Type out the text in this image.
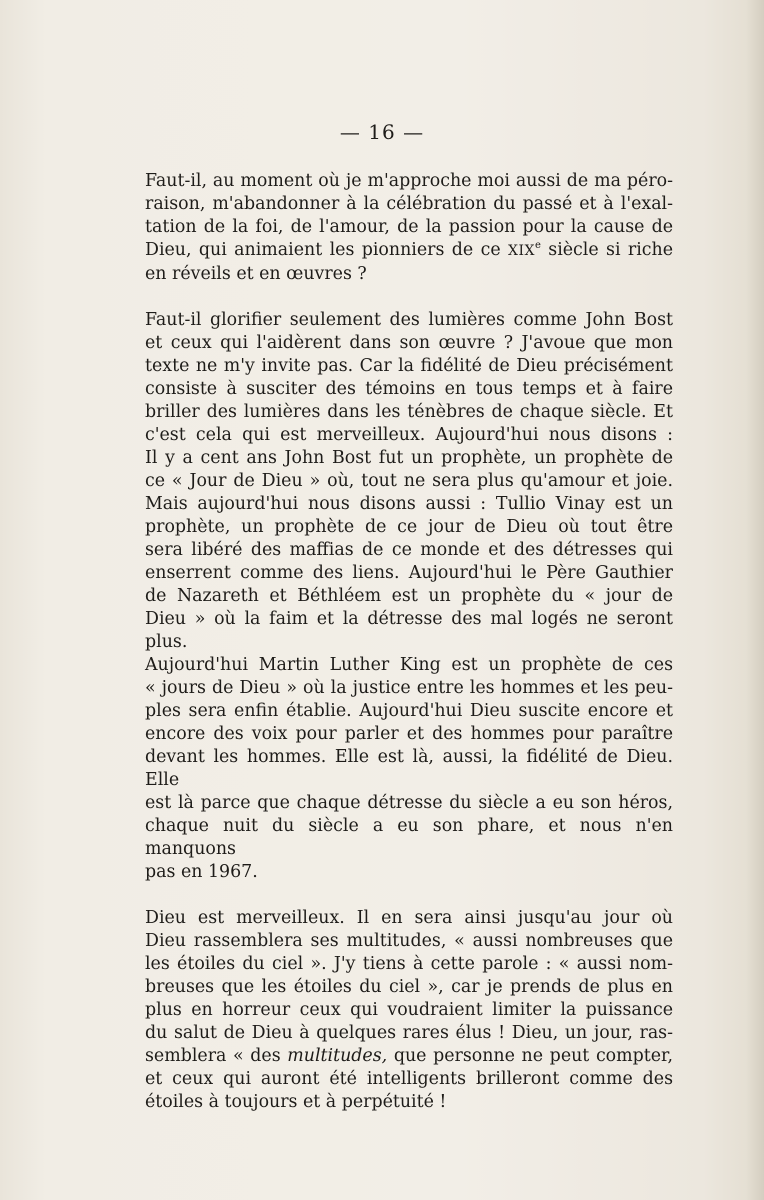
— 16 —

Faut-il, au moment où je m'approche moi aussi de ma péro-
raison, m'abandonner à la célébration du passé et à l'exal-
tation de la foi, de l'amour, de la passion pour la cause de
Dieu, qui animaient les pionniers de ce XIXe siècle si riche
en réveils et en œuvres ?

Faut-il glorifier seulement des lumières comme John Bost
et ceux qui l'aidèrent dans son œuvre ? J'avoue que mon
texte ne m'y invite pas. Car la fidélité de Dieu précisément
consiste à susciter des témoins en tous temps et à faire
briller des lumières dans les ténèbres de chaque siècle. Et
c'est cela qui est merveilleux. Aujourd'hui nous disons :
Il y a cent ans John Bost fut un prophète, un prophète de
ce « Jour de Dieu » où, tout ne sera plus qu'amour et joie.
Mais aujourd'hui nous disons aussi : Tullio Vinay est un
prophète, un prophète de ce jour de Dieu où tout être
sera libéré des maffias de ce monde et des détresses qui
enserrent comme des liens. Aujourd'hui le Père Gauthier
de Nazareth et Béthléem est un prophète du « jour de
Dieu » où la faim et la détresse des mal logés ne seront plus.
Aujourd'hui Martin Luther King est un prophète de ces
« jours de Dieu » où la justice entre les hommes et les peu-
ples sera enfin établie. Aujourd'hui Dieu suscite encore et
encore des voix pour parler et des hommes pour paraître
devant les hommes. Elle est là, aussi, la fidélité de Dieu. Elle
est là parce que chaque détresse du siècle a eu son héros,
chaque nuit du siècle a eu son phare, et nous n'en manquons
pas en 1967.

Dieu est merveilleux. Il en sera ainsi jusqu'au jour où
Dieu rassemblera ses multitudes, « aussi nombreuses que
les étoiles du ciel ». J'y tiens à cette parole : « aussi nom-
breuses que les étoiles du ciel », car je prends de plus en
plus en horreur ceux qui voudraient limiter la puissance
du salut de Dieu à quelques rares élus ! Dieu, un jour, ras-
semblera « des multitudes, que personne ne peut compter,
et ceux qui auront été intelligents brilleront comme des
étoiles à toujours et à perpétuité !
